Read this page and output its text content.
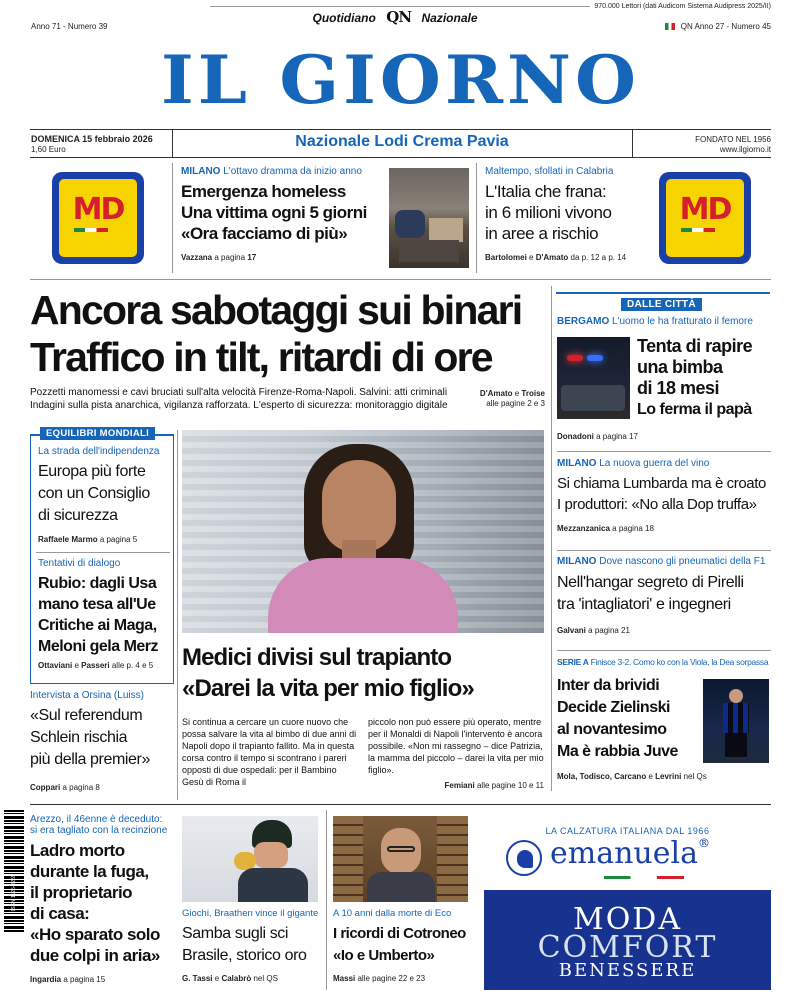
Anno 71 - Numero 39
Quotidiano QN Nazionale
970.000 Lettori (dati Audicom Sistema Audipress 2025/II)
QN Anno 27 - Numero 45
IL GIORNO
DOMENICA 15 febbraio 2026
1,60 Euro	Nazionale Lodi Crema Pavia	FONDATO NEL 1956
www.ilgiorno.it
MD
MILANO L'ottavo dramma da inizio anno
Emergenza homeless
Una vittima ogni 5 giorni
«Ora facciamo di più»
Vazzana a pagina 17
Maltempo, sfollati in Calabria
L'Italia che frana:
in 6 milioni vivono
in aree a rischio
Bartolomei e D'Amato da p. 12 a p. 14
MD
Ancora sabotaggi sui binari
Traffico in tilt, ritardi di ore
Pozzetti manomessi e cavi bruciati sull'alta velocità Firenze-Roma-Napoli. Salvini: atti criminali
Indagini sulla pista anarchica, vigilanza rafforzata. L'esperto di sicurezza: monitoraggio digitale
D'Amato e Troise
alle pagine 2 e 3
DALLE CITTÀ
BERGAMO L'uomo le ha fratturato il femore
Tenta di rapire
una bimba
di 18 mesi
Lo ferma il papà
Donadoni a pagina 17
MILANO La nuova guerra del vino
Si chiama Lumbarda ma è croato
I produttori: «No alla Dop truffa»
Mezzanzanica a pagina 18
MILANO Dove nascono gli pneumatici della F1
Nell'hangar segreto di Pirelli
tra 'intagliatori' e ingegneri
Galvani a pagina 21
SERIE A Finisce 3-2. Como ko con la Viola, la Dea sorpassa
Inter da brividi
Decide Zielinski
al novantesimo
Ma è rabbia Juve
Mola, Todisco, Carcano e Levrini nel Qs
EQUILIBRI MONDIALI
La strada dell'indipendenza
Europa più forte
con un Consiglio
di sicurezza
Raffaele Marmo a pagina 5
Tentativi di dialogo
Rubio: dagli Usa
mano tesa all'Ue
Critiche ai Maga,
Meloni gela Merz
Ottaviani e Passeri alle p. 4 e 5
Intervista a Orsina (Luiss)
«Sul referendum
Schlein rischia
più della premier»
Coppari a pagina 8
Medici divisi sul trapianto
«Darei la vita per mio figlio»
Si continua a cercare un cuore nuovo che possa salvare la vita al bimbo di due anni di Napoli dopo il trapianto fallito. Ma in questa corsa contro il tempo si scontrano i pareri opposti di due ospedali: per il Bambino Gesù di Roma il
piccolo non può essere più operato, mentre per il Monaldi di Napoli l'intervento è ancora possibile. «Non mi rassegno – dice Patrizia, la mamma del piccolo – darei la vita per mio figlio».
Femiani alle pagine 10 e 11
ISSN 1125-0259
Arezzo, il 46enne è deceduto:
si era tagliato con la recinzione
Ladro morto
durante la fuga,
il proprietario
di casa:
«Ho sparato solo
due colpi in aria»
Ingardia a pagina 15
Giochi, Braathen vince il gigante
Samba sugli sci
Brasile, storico oro
G. Tassi e Calabrò nel QS
A 10 anni dalla morte di Eco
I ricordi di Cotroneo
«Io e Umberto»
Massi alle pagine 22 e 23
LA CALZATURA ITALIANA DAL 1966
emanuela®
MODA
COMFORT
BENESSERE
